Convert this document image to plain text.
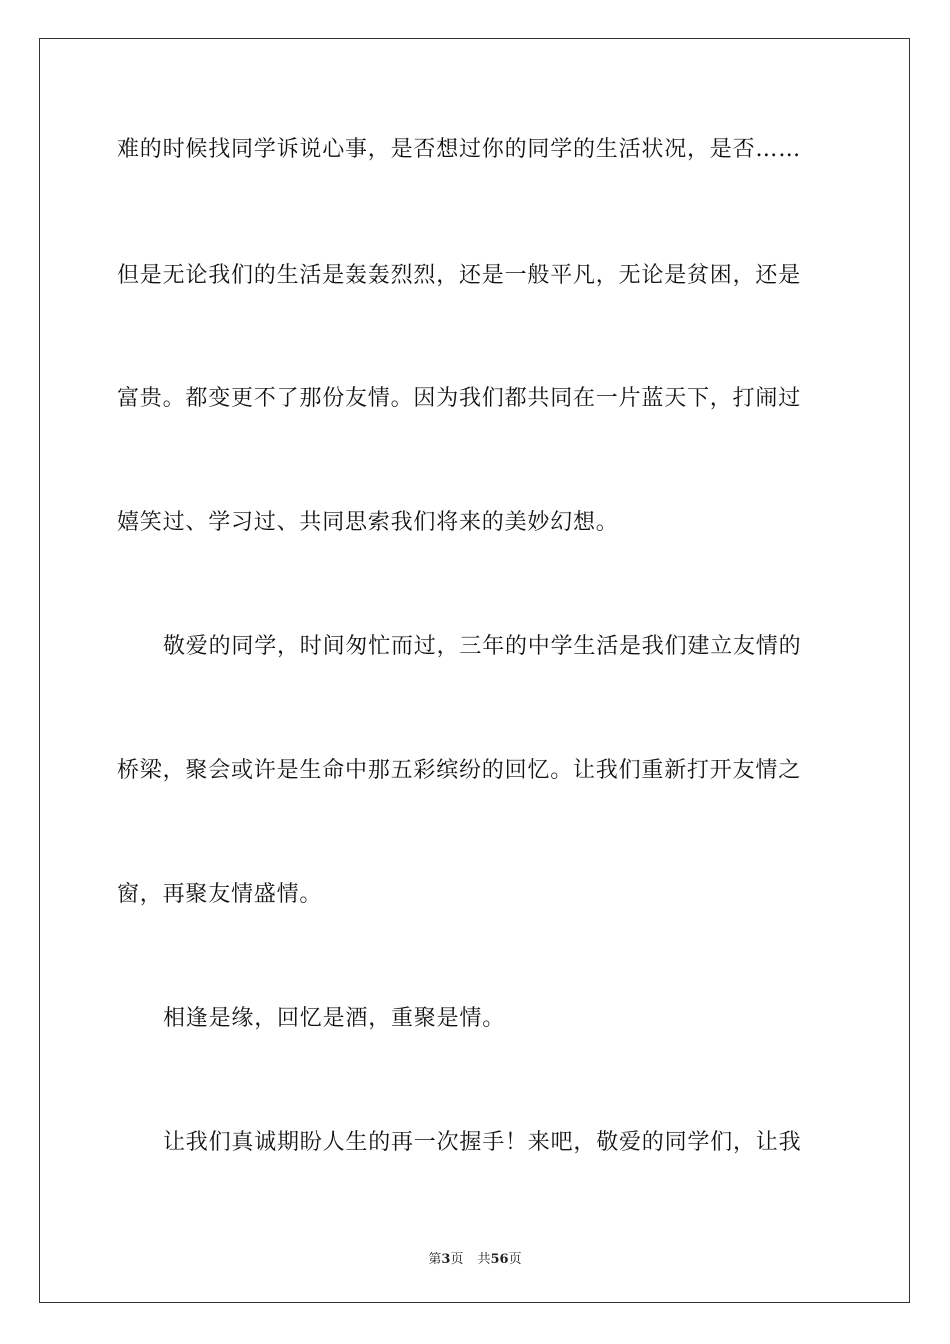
难的时候找同学诉说心事，是否想过你的同学的生活状况，是否……
但是无论我们的生活是轰轰烈烈，还是一般平凡，无论是贫困，还是
富贵。都变更不了那份友情。因为我们都共同在一片蓝天下，打闹过
嬉笑过、学习过、共同思索我们将来的美妙幻想。
敬爱的同学，时间匆忙而过，三年的中学生活是我们建立友情的
桥梁，聚会或许是生命中那五彩缤纷的回忆。让我们重新打开友情之
窗，再聚友情盛情。
相逢是缘，回忆是酒，重聚是情。
让我们真诚期盼人生的再一次握手！来吧，敬爱的同学们，让我
第3页 共56页
